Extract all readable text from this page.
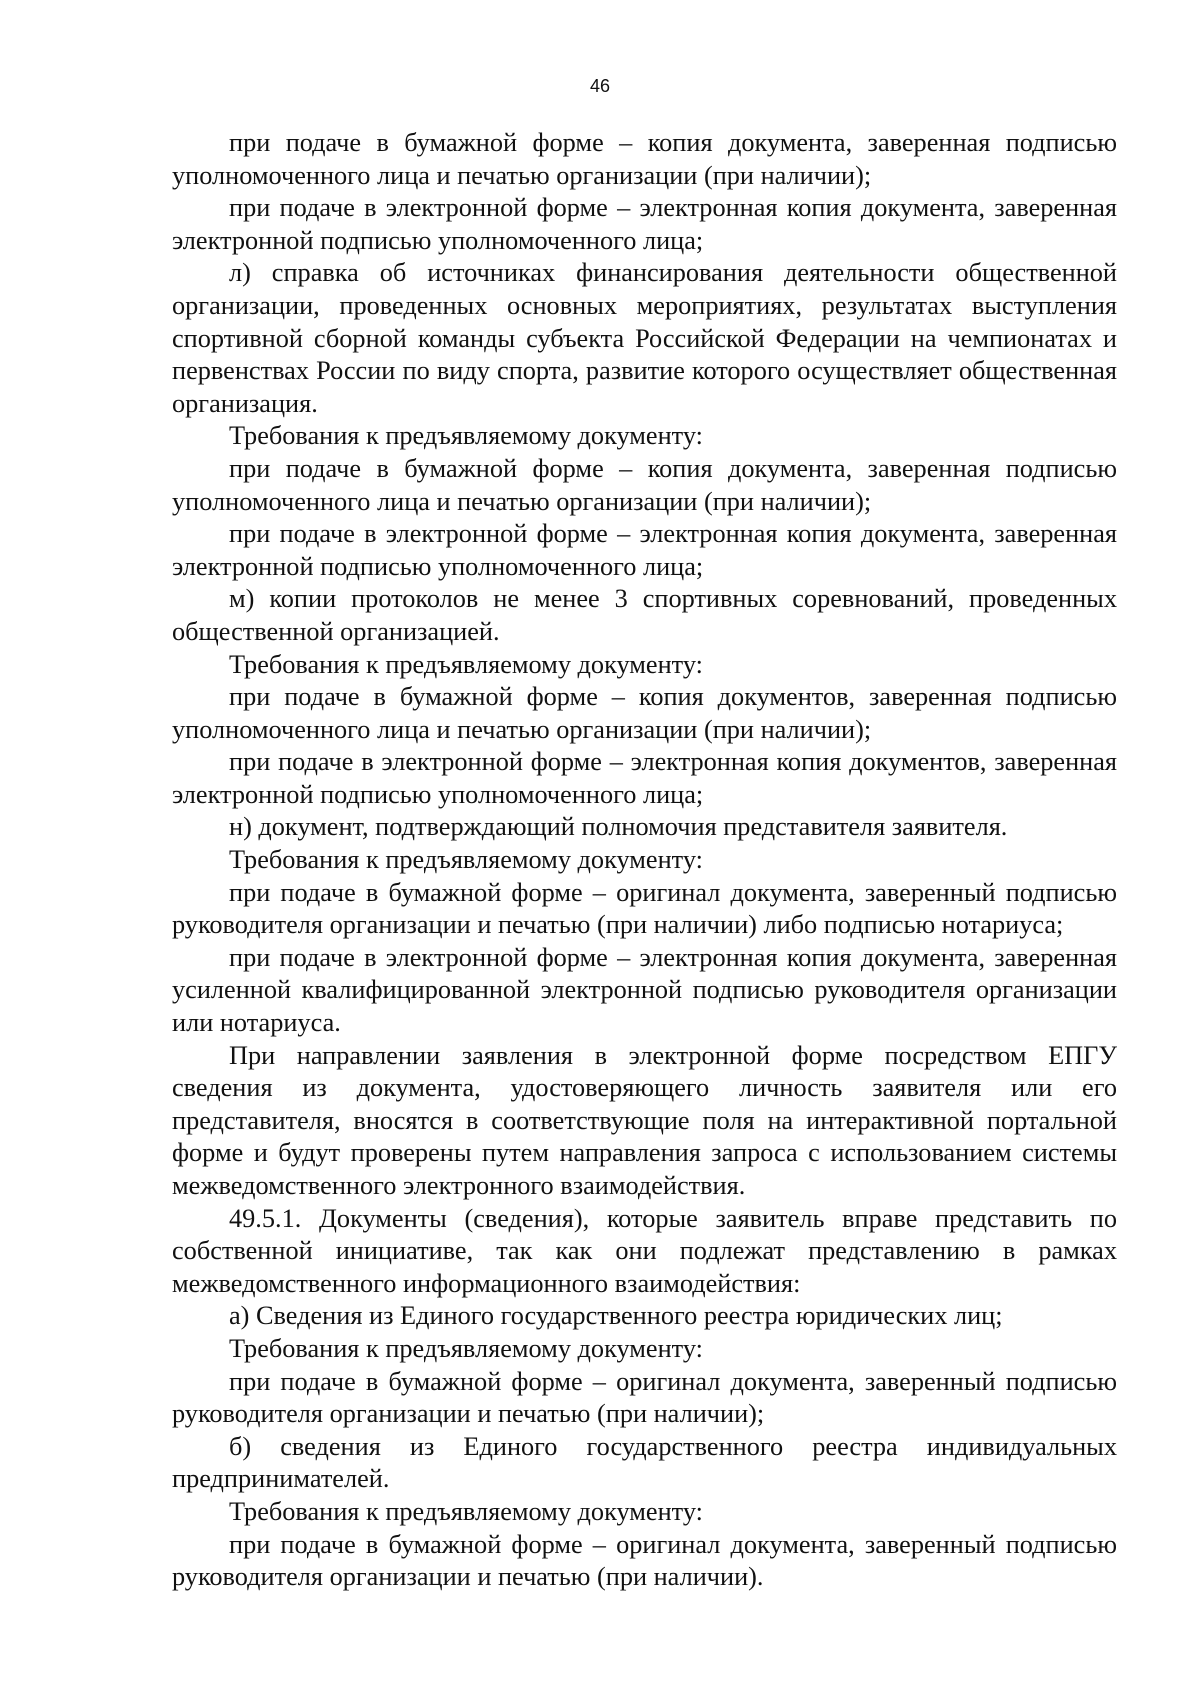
46

при подаче в бумажной форме – копия документа, заверенная подписью уполномоченного лица и печатью организации (при наличии);

при подаче в электронной форме – электронная копия документа, заверенная электронной подписью уполномоченного лица;

л) справка об источниках финансирования деятельности общественной организации, проведенных основных мероприятиях, результатах выступления спортивной сборной команды субъекта Российской Федерации на чемпионатах и первенствах России по виду спорта, развитие которого осуществляет общественная организация.

Требования к предъявляемому документу:

при подаче в бумажной форме – копия документа, заверенная подписью уполномоченного лица и печатью организации (при наличии);

при подаче в электронной форме – электронная копия документа, заверенная электронной подписью уполномоченного лица;

м) копии протоколов не менее 3 спортивных соревнований, проведенных общественной организацией.

Требования к предъявляемому документу:

при подаче в бумажной форме – копия документов, заверенная подписью уполномоченного лица и печатью организации (при наличии);

при подаче в электронной форме – электронная копия документов, заверенная электронной подписью уполномоченного лица;

н) документ, подтверждающий полномочия представителя заявителя.

Требования к предъявляемому документу:

при подаче в бумажной форме – оригинал документа, заверенный подписью руководителя организации и печатью (при наличии) либо подписью нотариуса;

при подаче в электронной форме – электронная копия документа, заверенная усиленной квалифицированной электронной подписью руководителя организации или нотариуса.

При направлении заявления в электронной форме посредством ЕПГУ сведения из документа, удостоверяющего личность заявителя или его представителя, вносятся в соответствующие поля на интерактивной портальной форме и будут проверены путем направления запроса с использованием системы межведомственного электронного взаимодействия.

49.5.1. Документы (сведения), которые заявитель вправе представить по собственной инициативе, так как они подлежат представлению в рамках межведомственного информационного взаимодействия:

а) Сведения из Единого государственного реестра юридических лиц;

Требования к предъявляемому документу:

при подаче в бумажной форме – оригинал документа, заверенный подписью руководителя организации и печатью (при наличии);

б) сведения из Единого государственного реестра индивидуальных предпринимателей.

Требования к предъявляемому документу:

при подаче в бумажной форме – оригинал документа, заверенный подписью руководителя организации и печатью (при наличии).
